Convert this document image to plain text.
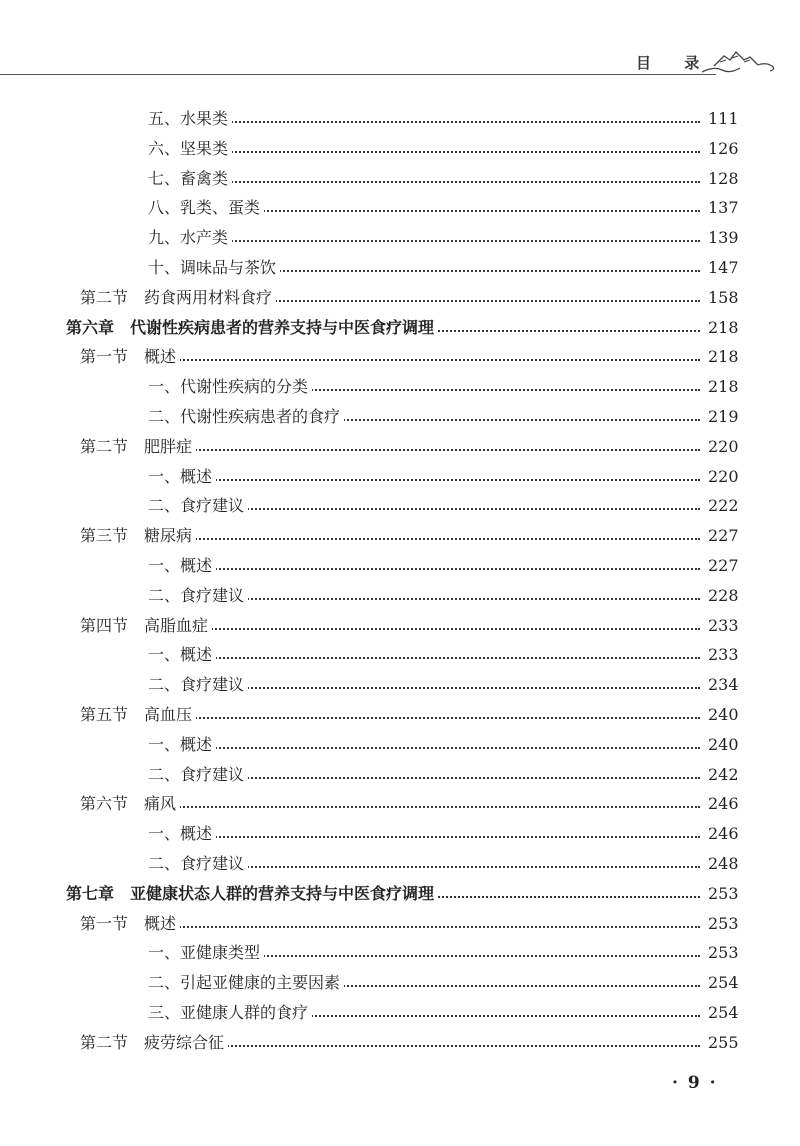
目 录
五、水果类	111
六、坚果类	126
七、畜禽类	128
八、乳类、蛋类	137
九、水产类	139
十、调味品与茶饮	147
第二节　药食两用材料食疗	158
第六章　代谢性疾病患者的营养支持与中医食疗调理	218
第一节　概述	218
一、代谢性疾病的分类	218
二、代谢性疾病患者的食疗	219
第二节　肥胖症	220
一、概述	220
二、食疗建议	222
第三节　糖尿病	227
一、概述	227
二、食疗建议	228
第四节　高脂血症	233
一、概述	233
二、食疗建议	234
第五节　高血压	240
一、概述	240
二、食疗建议	242
第六节　痛风	246
一、概述	246
二、食疗建议	248
第七章　亚健康状态人群的营养支持与中医食疗调理	253
第一节　概述	253
一、亚健康类型	253
二、引起亚健康的主要因素	254
三、亚健康人群的食疗	254
第二节　疲劳综合征	255
· 9 ·
